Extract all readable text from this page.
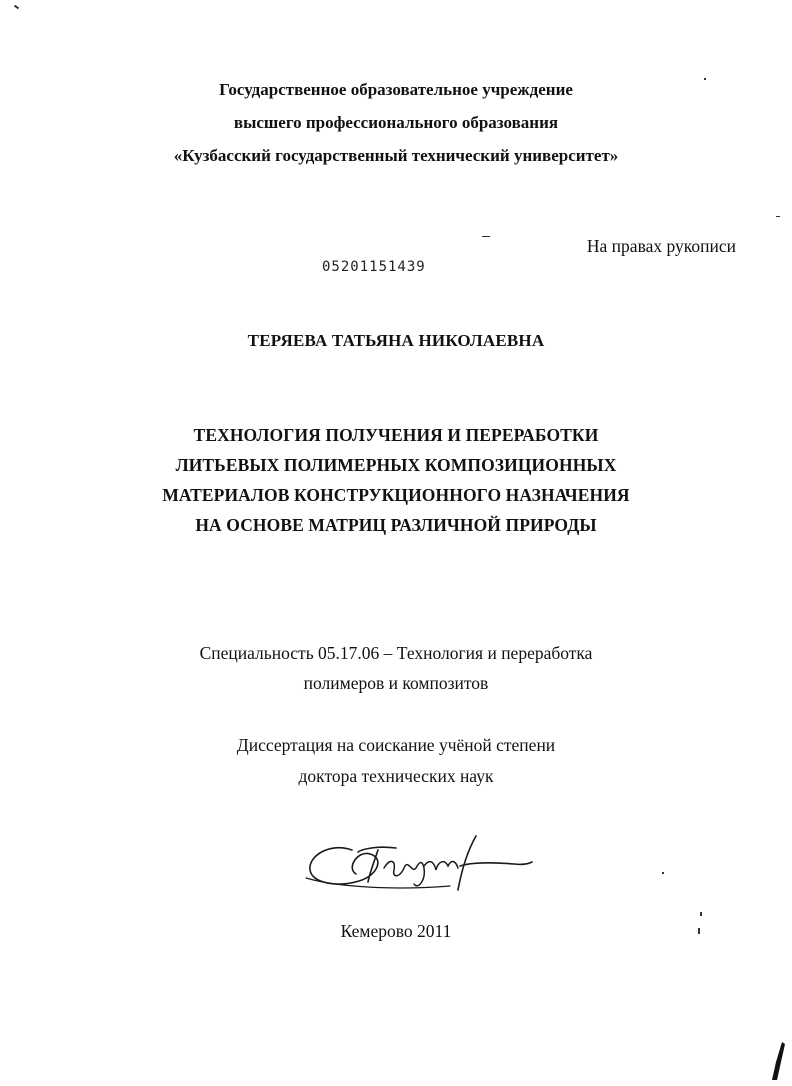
Государственное образовательное учреждение
высшего профессионального образования
«Кузбасский государственный технический университет»
На правах рукописи
05201151439
ТЕРЯЕВА ТАТЬЯНА НИКОЛАЕВНА
ТЕХНОЛОГИЯ ПОЛУЧЕНИЯ И ПЕРЕРАБОТКИ
ЛИТЬЕВЫХ ПОЛИМЕРНЫХ КОМПОЗИЦИОННЫХ
МАТЕРИАЛОВ КОНСТРУКЦИОННОГО НАЗНАЧЕНИЯ
НА ОСНОВЕ МАТРИЦ РАЗЛИЧНОЙ ПРИРОДЫ
Специальность 05.17.06 – Технология и переработка
полимеров и композитов
Диссертация на соискание учёной степени
доктора технических наук
Кемерово 2011
